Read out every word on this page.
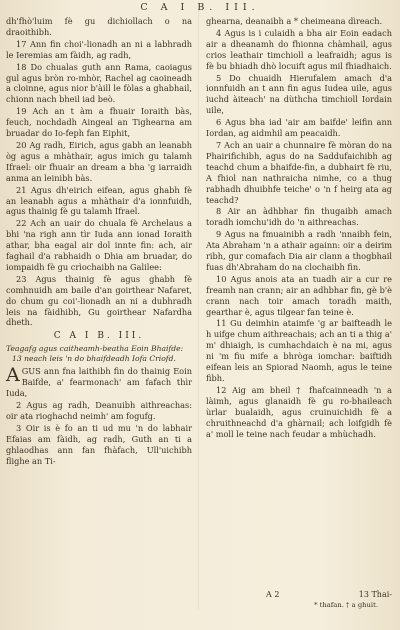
C A I B. III.

dh'fhò'luim fè gu dichiollach o na draoithibh.

17 Ann fin choi'-lionadh an ni a labhradh le Ieremias am fàidh, ag radh,

18 Do chualas guth ann Rama, caoiagus gul agus bròn ro-mhòr, Rachel ag caoineadh a cloinne, agus nior b'àill le fòlas a ghabhail, chionn nach bheil iad beò.

19 Ach an t àm a fhuair Ioraith bàs, feuch, nochdadh Aingeal an Tighearna am bruadar do Io-feph fan Eiphit,

20 Ag radh, Eirich, agus gabh an leanabh òg agus a mhàthair, agus imich gu talamh Ifrael: oir fhuair an dream a bha 'g iarraidh anma an leinibh bàs.

21 Agus dh'eirich eifean, agus ghabh fè an leanabh agus a mhàthair d'a ionnfuidh, agus thainig fè gu talamh Ifrael.

22 Ach an uair do chuala fè Archelaus a bhi 'na righ ann tìr Iuda ann ionad Ioraith athar, bha eagal air dol innte fin: ach, air faghail d'a rabhaidh o Dhia am bruadar, do iompaidh fè gu crìochaibh na Galilee:

23 Agus thainig fè agus ghabh fè comhnuidh am baile d'an goirthear Nafaret, do chum gu coi'-lionadh an ni a dubhradh leis na fàidhibh, Gu goirthear Nafardha dheth.

C A I B. III.
Teagafg agus caitheamh-beatha Eoin Bhaifde: 13 neach leis 'n do bhaifdeadh Iofa Criofd.

A GUS ann fna laithibh fin do thainig Eoin Baifde, a' fearmonach' am fafach thìr Iuda,

2 Agus ag radh, Deanuibh aithreachas: oir ata rioghachd neimh' am fogufg.

3 Oir is è fo an ti ud mu 'n do labhair Efaias am fàidh, ag radh, Guth an ti a ghlaodhas ann fan fhàfach, Ull'uichibh flighe an Ti-

ghearna, deanaibh a * cheimeana dìreach.

4 Agus is i culaidh a bha air Eoin eadach air a dheanamh do fhionna chàmhail, agus crios leathair timchioll a leafraidh; agus is fè bu bhiadh dhò locuift agus mil fhiadhaich.

5 Do chuaidh Hierufalem amach d'a ionnfuidh an t ann fin agus Iudea uile, agus iuchd àiteach' na dùthcha timchioll Iordain uile,

6 Agus bha iad 'air am baifde' leifin ann Iordan, ag aidmhil am peacaidh.

7 Ach an uair a chunnaire fè mòran do na Phairifichibh, agus do na Saddufaichibh ag teachd chum a bhaifde-fin, a dubhairt fè riu, A fhiol nan nathraicha nimhe, co a thug rabhadh dhuibhfe teiche' o 'n f heirg ata ag teachd?

8 Air an àdhbhar fin thugaibh amach toradh iomchu'idh do 'n aithreachas.

9 Agus na fmuainibh a radh 'nnaibh fein, Ata Abraham 'n a athair againn: oir a deirim ribh, gur comafach Dia air clann a thogbhail fuas dh'Abraham do na clochaibh fin.

10 Agus anois ata an tuadh air a cur re freamh nan crann; air an adhbhar fin, gè b'è crann nach toir amach toradh maith, gearthar è, agus tilgear fan teine è.

11 Gu deimhin ataimfe 'g ar baifteadh le h uifge chum aithreachais; ach an ti a thig a' m' dhiaigh, is cumhachdaich è na mi, agus ni 'm fiu mife a bhròga iomchar: baiftidh eifean leis an Spiorad Naomh, agus le teine fibh.

12 Aig am bheil † fhafcainneadh 'n a làimh, agus glanaidh fè gu ro-bhaileach ùrlar bualaidh, agus cruinuichidh fè a chruithneachd d'a ghàrnail; ach loifgidh fè a' moll le teine nach feudar a mhùchadh.

A 2	13 Thai-
* thafan. † a ghuit.
